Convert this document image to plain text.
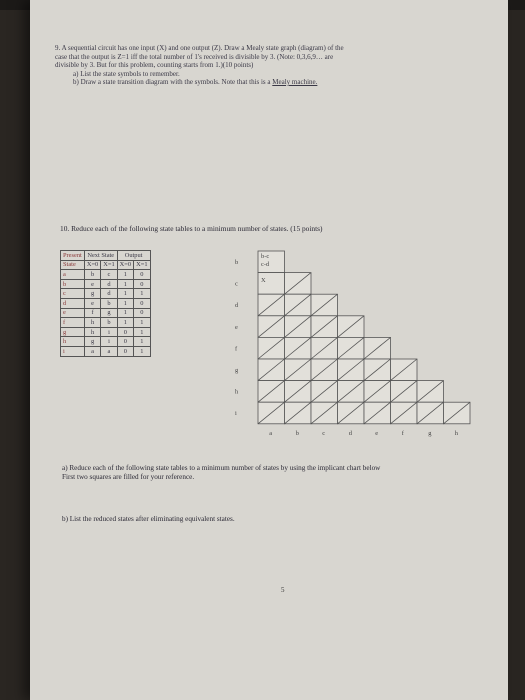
9. A sequential circuit has one input (X) and one output (Z). Draw a Mealy state graph (diagram) of the
case that the output is Z=1 iff the total number of 1's received is divisible by 3. (Note: 0,3,6,9… are
divisible by 3. But for this problem, counting starts from 1.)(10 points)
a) List the state symbols to remember.
b) Draw a state transition diagram with the symbols. Note that this is a Mealy machine.
10. Reduce each of the following state tables to a minimum number of states. (15 points)
Present	Next State		Output	
State	X=0	X=1	X=0	X=1
a	b	c	1	0
b	e	d	1	0
c	g	d	1	1
d	e	b	1	0
e	f	g	1	0
f	h	b	1	1
g	h	i	0	1
h	g	i	0	1
i	a	a	0	1
b
c
d
e
f
g
h
i
a	b	c	d	e	f	g	h
b-c
c-d
X
a) Reduce each of the following state tables to a minimum number of states by using the implicant chart below
First two squares are filled for your reference.
b) List the reduced states after eliminating equivalent states.
5
